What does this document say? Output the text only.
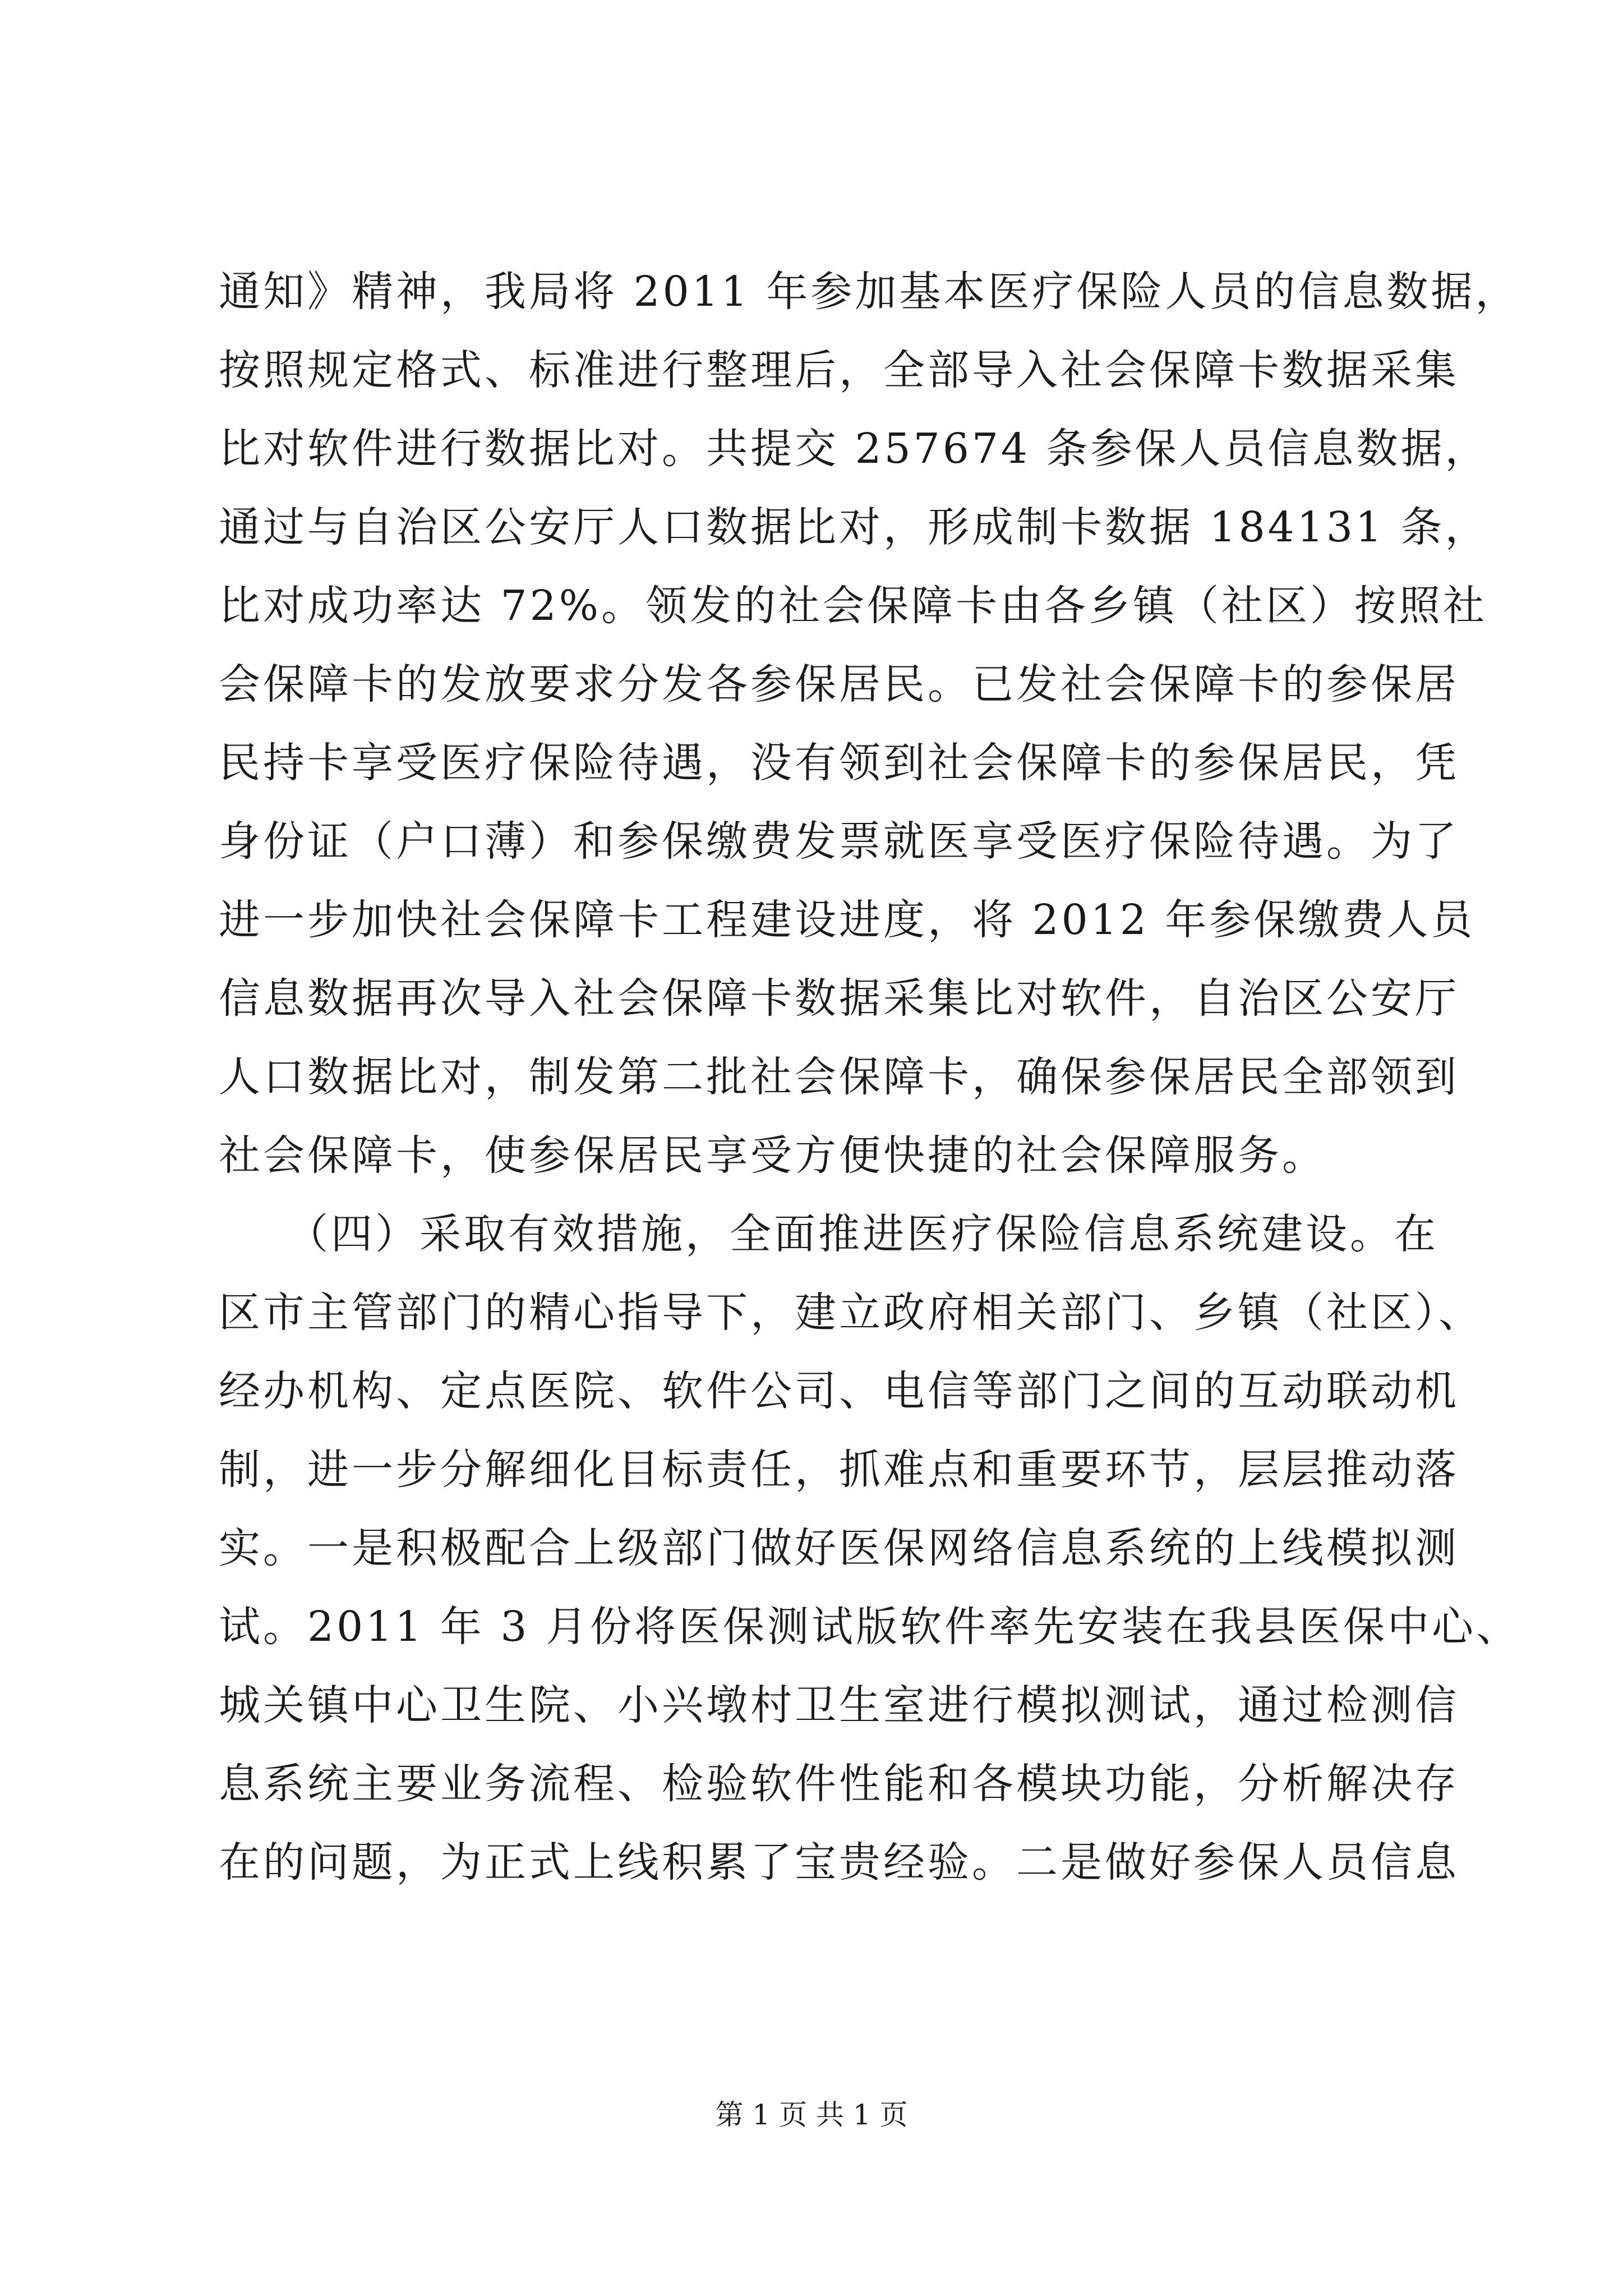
通知》精神，我局将 2011 年参加基本医疗保险人员的信息数据，

按照规定格式、标准进行整理后，全部导入社会保障卡数据采集

比对软件进行数据比对。共提交 257674 条参保人员信息数据，

通过与自治区公安厅人口数据比对，形成制卡数据 184131 条，

比对成功率达 72%。领发的社会保障卡由各乡镇（社区）按照社

会保障卡的发放要求分发各参保居民。已发社会保障卡的参保居

民持卡享受医疗保险待遇，没有领到社会保障卡的参保居民，凭

身份证（户口薄）和参保缴费发票就医享受医疗保险待遇。为了

进一步加快社会保障卡工程建设进度，将 2012 年参保缴费人员

信息数据再次导入社会保障卡数据采集比对软件，自治区公安厅

人口数据比对，制发第二批社会保障卡，确保参保居民全部领到

社会保障卡，使参保居民享受方便快捷的社会保障服务。

　　（四）采取有效措施，全面推进医疗保险信息系统建设。在

区市主管部门的精心指导下，建立政府相关部门、乡镇（社区）、

经办机构、定点医院、软件公司、电信等部门之间的互动联动机

制，进一步分解细化目标责任，抓难点和重要环节，层层推动落

实。一是积极配合上级部门做好医保网络信息系统的上线模拟测

试。2011 年 3 月份将医保测试版软件率先安装在我县医保中心、

城关镇中心卫生院、小兴墩村卫生室进行模拟测试，通过检测信

息系统主要业务流程、检验软件性能和各模块功能，分析解决存

在的问题，为正式上线积累了宝贵经验。二是做好参保人员信息

第 1 页 共 1 页
